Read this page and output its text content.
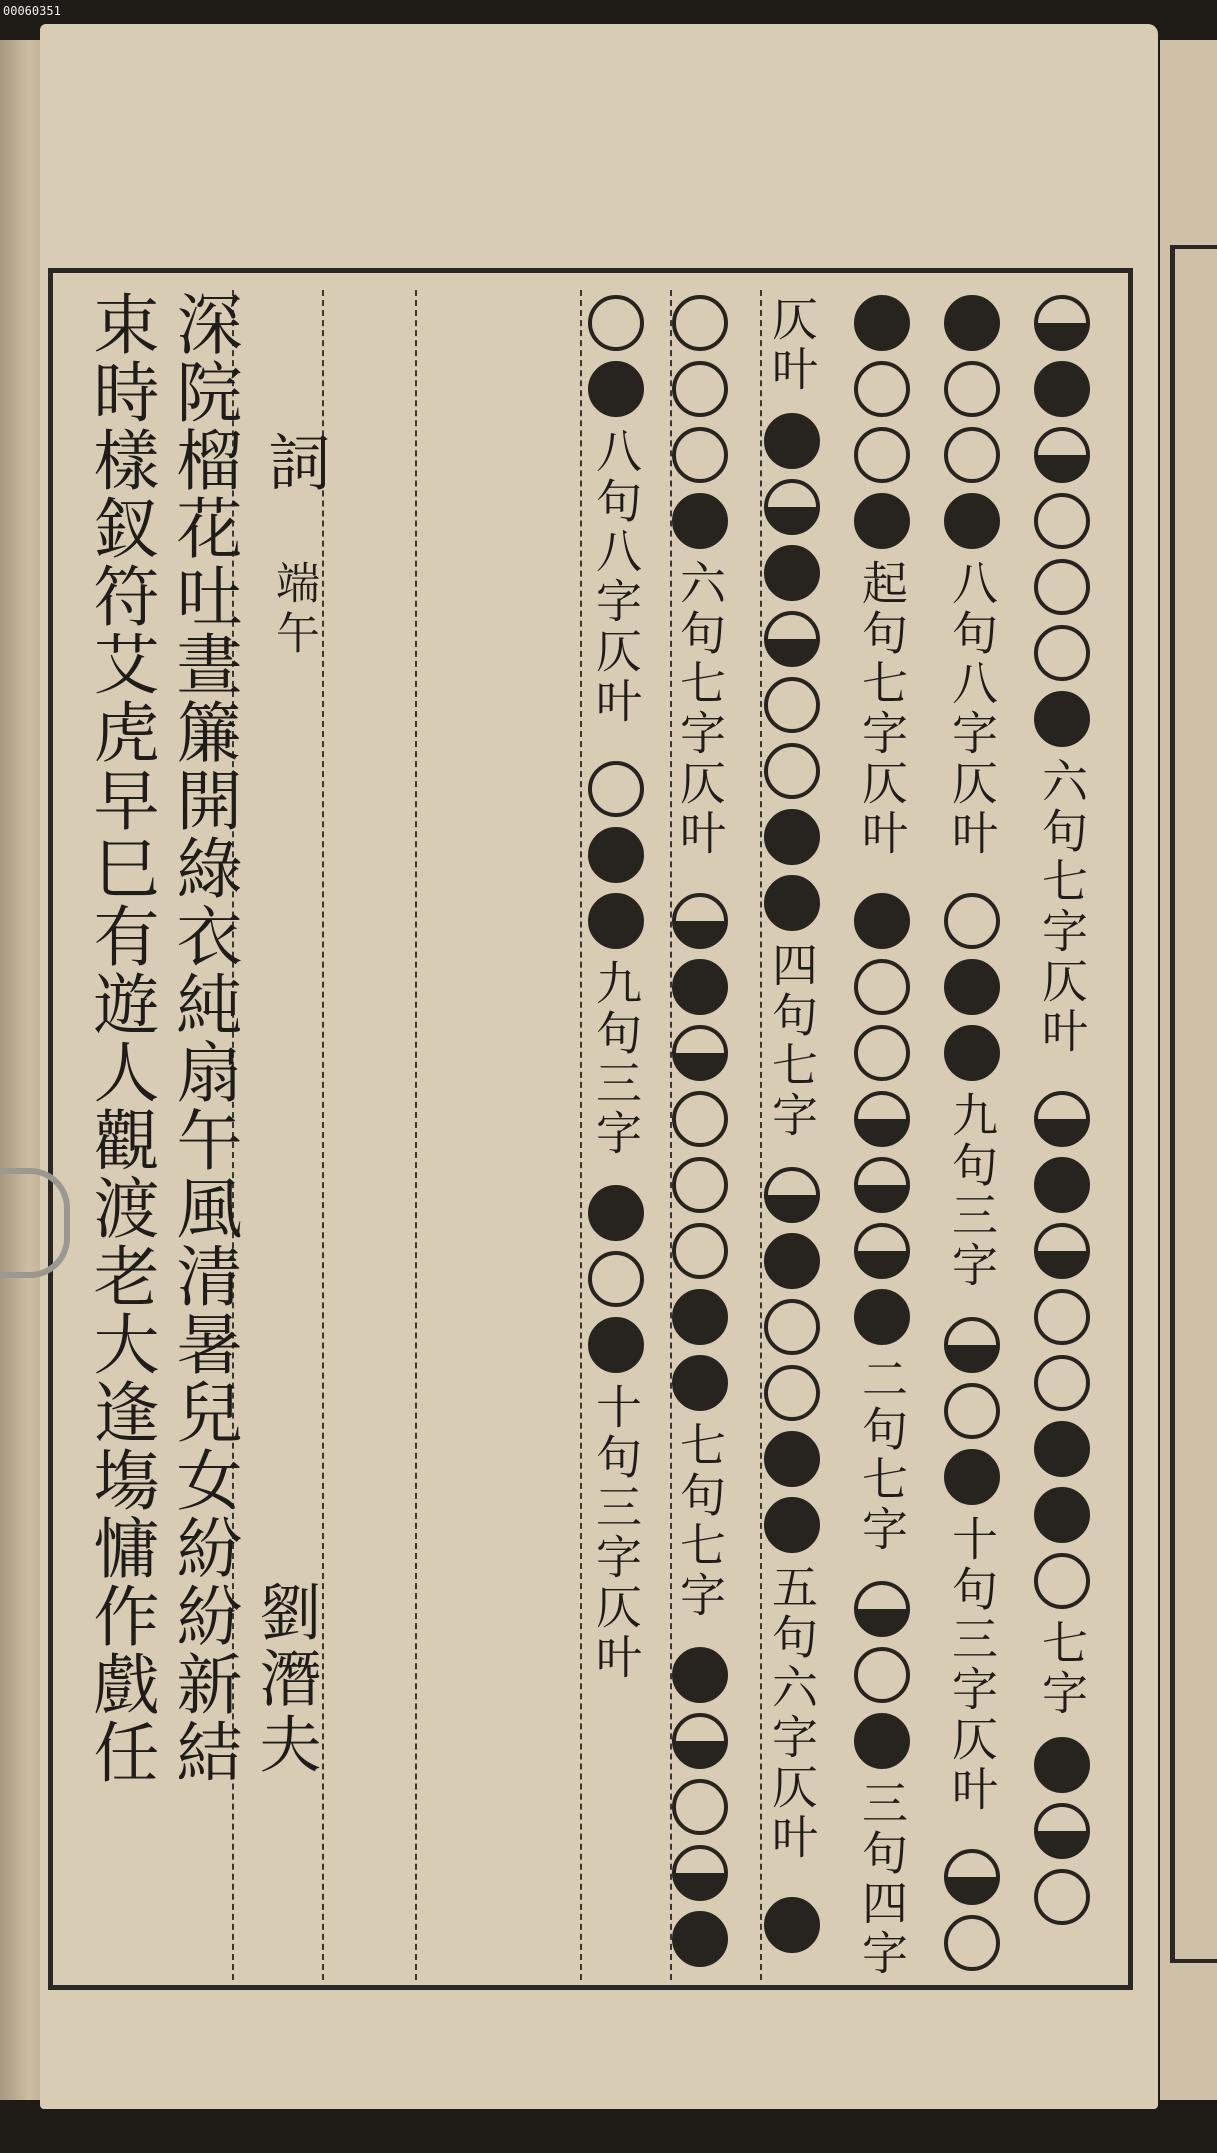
00060351
束時樣釵符艾虎早巳有遊人觀渡老大逢塲慵作戲任 深院榴花吐晝簾開綠衣純扇午風清暑兒女紛紛新結 詞
端午
劉潛夫
六句七字仄叶
七字
八句八字仄叶
九句三字
十句三字仄叶
起句七字仄叶
二句七字
三句四字
仄叶
四句七字
五句六字仄叶
六句七字仄叶
七句七字
八句八字仄叶
九句三字
十句三字仄叶
